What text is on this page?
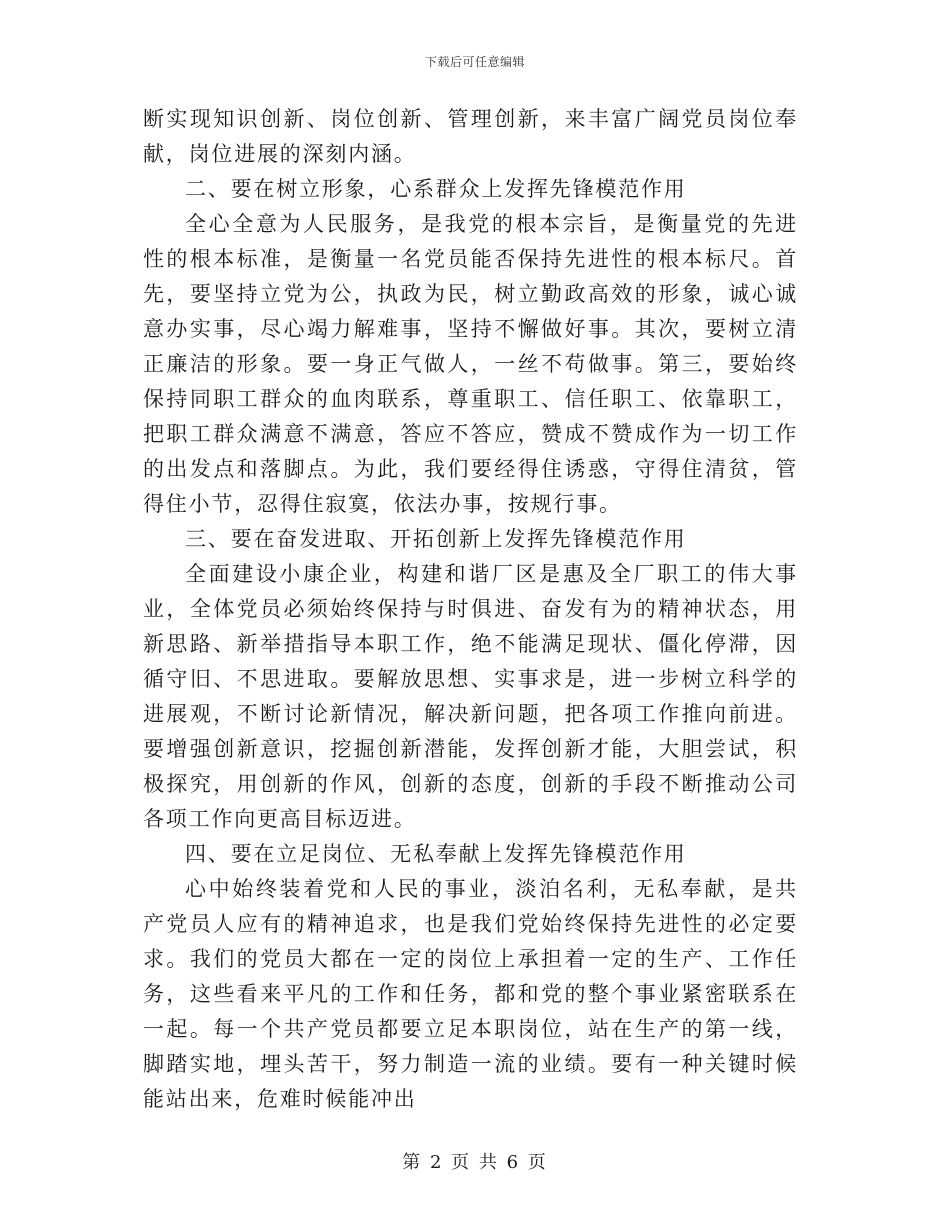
下载后可任意编辑

断实现知识创新、岗位创新、管理创新，来丰富广阔党员岗位奉献，岗位进展的深刻内涵。

二、要在树立形象，心系群众上发挥先锋模范作用

全心全意为人民服务，是我党的根本宗旨，是衡量党的先进性的根本标准，是衡量一名党员能否保持先进性的根本标尺。首先，要坚持立党为公，执政为民，树立勤政高效的形象，诚心诚意办实事，尽心竭力解难事，坚持不懈做好事。其次，要树立清正廉洁的形象。要一身正气做人，一丝不苟做事。第三，要始终保持同职工群众的血肉联系，尊重职工、信任职工、依靠职工，把职工群众满意不满意，答应不答应，赞成不赞成作为一切工作的出发点和落脚点。为此，我们要经得住诱惑，守得住清贫，管得住小节，忍得住寂寞，依法办事，按规行事。

三、要在奋发进取、开拓创新上发挥先锋模范作用

全面建设小康企业，构建和谐厂区是惠及全厂职工的伟大事业，全体党员必须始终保持与时俱进、奋发有为的精神状态，用新思路、新举措指导本职工作，绝不能满足现状、僵化停滞，因循守旧、不思进取。要解放思想、实事求是，进一步树立科学的进展观，不断讨论新情况，解决新问题，把各项工作推向前进。要增强创新意识，挖掘创新潜能，发挥创新才能，大胆尝试，积极探究，用创新的作风，创新的态度，创新的手段不断推动公司各项工作向更高目标迈进。

四、要在立足岗位、无私奉献上发挥先锋模范作用

心中始终装着党和人民的事业，淡泊名利，无私奉献，是共产党员人应有的精神追求，也是我们党始终保持先进性的必定要求。我们的党员大都在一定的岗位上承担着一定的生产、工作任务，这些看来平凡的工作和任务，都和党的整个事业紧密联系在一起。每一个共产党员都要立足本职岗位，站在生产的第一线，脚踏实地，埋头苦干，努力制造一流的业绩。要有一种关键时候能站出来，危难时候能冲出

第 2 页 共 6 页
